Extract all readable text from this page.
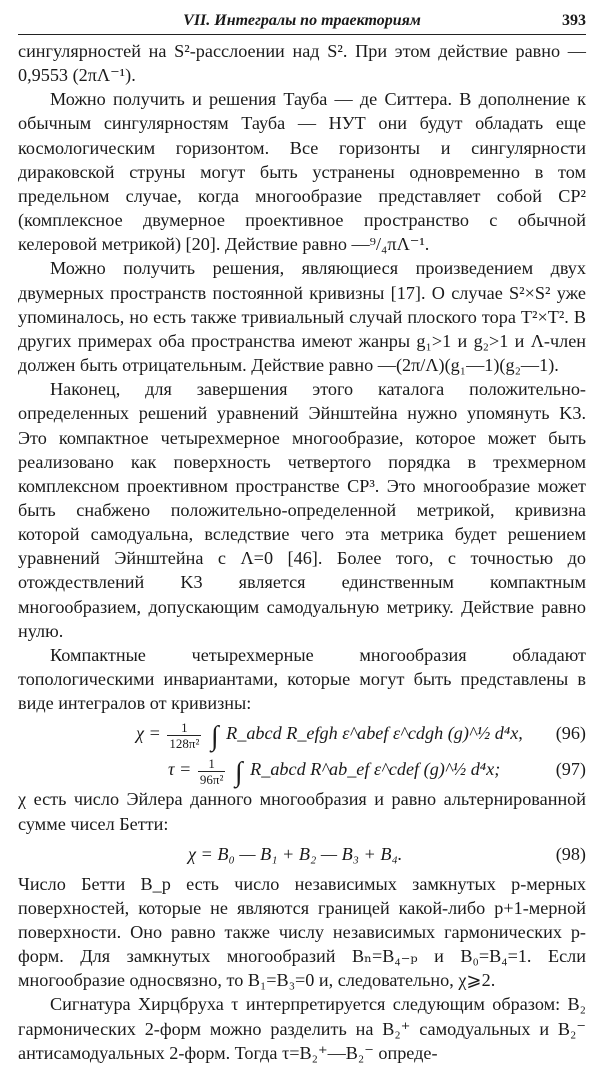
VII. Интегралы по траекториям	393

сингулярностей на S²-расслоении над S². При этом действие равно —0,9553 (2πΛ⁻¹).

Можно получить и решения Тауба — де Ситтера. В дополнение к обычным сингулярностям Тауба — НУТ они будут обладать еще космологическим горизонтом. Все горизонты и сингулярности дираковской струны могут быть устранены одновременно в том предельном случае, когда многообразие представляет собой CP² (комплексное двумерное проективное пространство с обычной келеровой метрикой) [20]. Действие равно —⁹/₄πΛ⁻¹.

Можно получить решения, являющиеся произведением двух двумерных пространств постоянной кривизны [17]. О случае S²×S² уже упоминалось, но есть также тривиальный случай плоского тора T²×T². В других примерах оба пространства имеют жанры g₁>1 и g₂>1 и Λ-член должен быть отрицательным. Действие равно —(2π/Λ)(g₁—1)(g₂—1).

Наконец, для завершения этого каталога положительно-определенных решений уравнений Эйнштейна нужно упомянуть K3. Это компактное четырехмерное многообразие, которое может быть реализовано как поверхность четвертого порядка в трехмерном комплексном проективном пространстве CP³. Это многообразие может быть снабжено положительно-определенной метрикой, кривизна которой самодуальна, вследствие чего эта метрика будет решением уравнений Эйнштейна с Λ=0 [46]. Более того, с точностью до отождествлений K3 является единственным компактным многообразием, допускающим самодуальную метрику. Действие равно нулю.

Компактные четырехмерные многообразия обладают топологическими инвариантами, которые могут быть представлены в виде интегралов от кривизны:

$\chi = \frac{1}{\text{128π²}}$ ∫ R_abcd R_efgh ε^abef ε^cdgh (g)^½ d⁴x, (96)
$\tau = \frac{1}{\text{96π²}}$ ∫ R_abcd R^ab_ef ε^cdef (g)^½ d⁴x;	(97)

χ есть число Эйлера данного многообразия и равно альтернированной сумме чисел Бетти:

χ = B₀ — B₁ + B₂ — B₃ + B₄.	(98)

Число Бетти B_p есть число независимых замкнутых p-мерных поверхностей, которые не являются границей какой-либо p+1-мерной поверхности. Оно равно также числу независимых гармонических p-форм. Для замкнутых многообразий Bₙ=B₄₋ₚ и B₀=B₄=1. Если многообразие односвязно, то B₁=B₃=0 и, следовательно, χ⩾2.

Сигнатура Хирцбруха τ интерпретируется следующим образом: B₂ гармонических 2-форм можно разделить на B₂⁺ самодуальных и B₂⁻ антисамодуальных 2-форм. Тогда τ=B₂⁺—B₂⁻ опреде-
